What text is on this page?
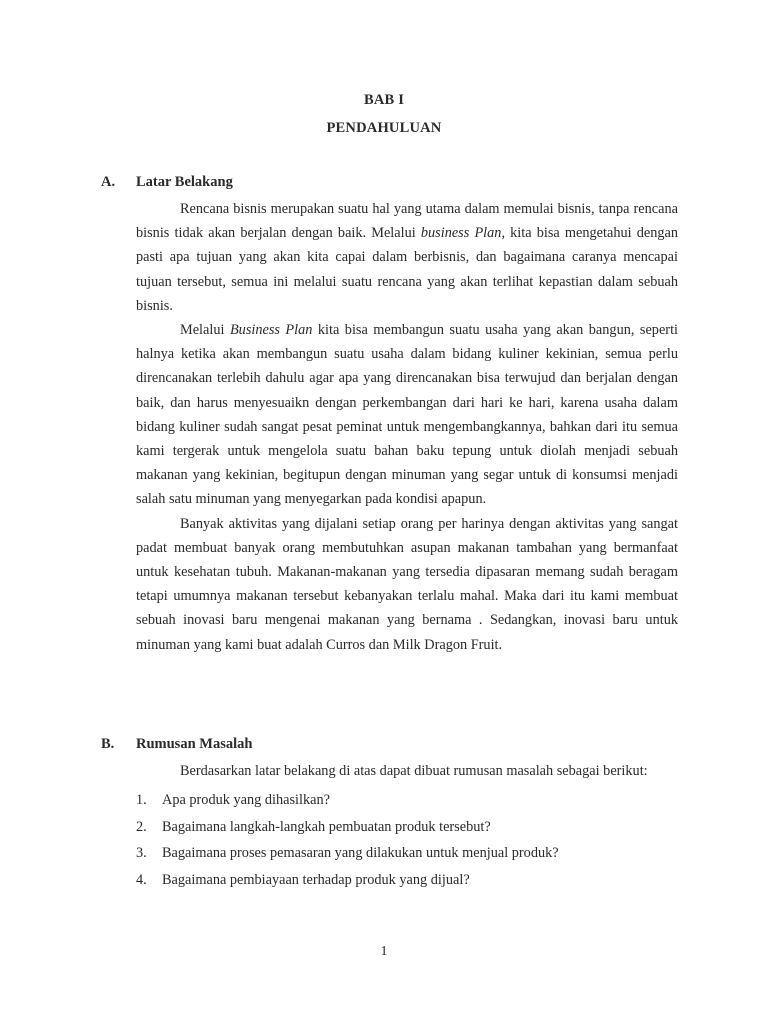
BAB I
PENDAHULUAN
A. Latar Belakang

Rencana bisnis merupakan suatu hal yang utama dalam memulai bisnis, tanpa rencana bisnis tidak akan berjalan dengan baik. Melalui business Plan, kita bisa mengetahui dengan pasti apa tujuan yang akan kita capai dalam berbisnis, dan bagaimana caranya mencapai tujuan tersebut, semua ini melalui suatu rencana yang akan terlihat kepastian dalam sebuah bisnis.

Melalui Business Plan kita bisa membangun suatu usaha yang akan bangun, seperti halnya ketika akan membangun suatu usaha dalam bidang kuliner kekinian, semua perlu direncanakan terlebih dahulu agar apa yang direncanakan bisa terwujud dan berjalan dengan baik, dan harus menyesuaikn dengan perkembangan dari hari ke hari, karena usaha dalam bidang kuliner sudah sangat pesat peminat untuk mengembangkannya, bahkan dari itu semua kami tergerak untuk mengelola suatu bahan baku tepung untuk diolah menjadi sebuah makanan yang kekinian, begitupun dengan minuman yang segar untuk di konsumsi menjadi salah satu minuman yang menyegarkan pada kondisi apapun.

Banyak aktivitas yang dijalani setiap orang per harinya dengan aktivitas yang sangat padat membuat banyak orang membutuhkan asupan makanan tambahan yang bermanfaat untuk kesehatan tubuh. Makanan-makanan yang tersedia dipasaran memang sudah beragam tetapi umumnya makanan tersebut kebanyakan terlalu mahal. Maka dari itu kami membuat sebuah inovasi baru mengenai makanan yang bernama . Sedangkan, inovasi baru untuk minuman yang kami buat adalah Curros dan Milk Dragon Fruit.

B. Rumusan Masalah
Berdasarkan latar belakang di atas dapat dibuat rumusan masalah sebagai berikut:
1. Apa produk yang dihasilkan?
2. Bagaimana langkah-langkah pembuatan produk tersebut?
3. Bagaimana proses pemasaran yang dilakukan untuk menjual produk?
4. Bagaimana pembiayaan terhadap produk yang dijual?
1
